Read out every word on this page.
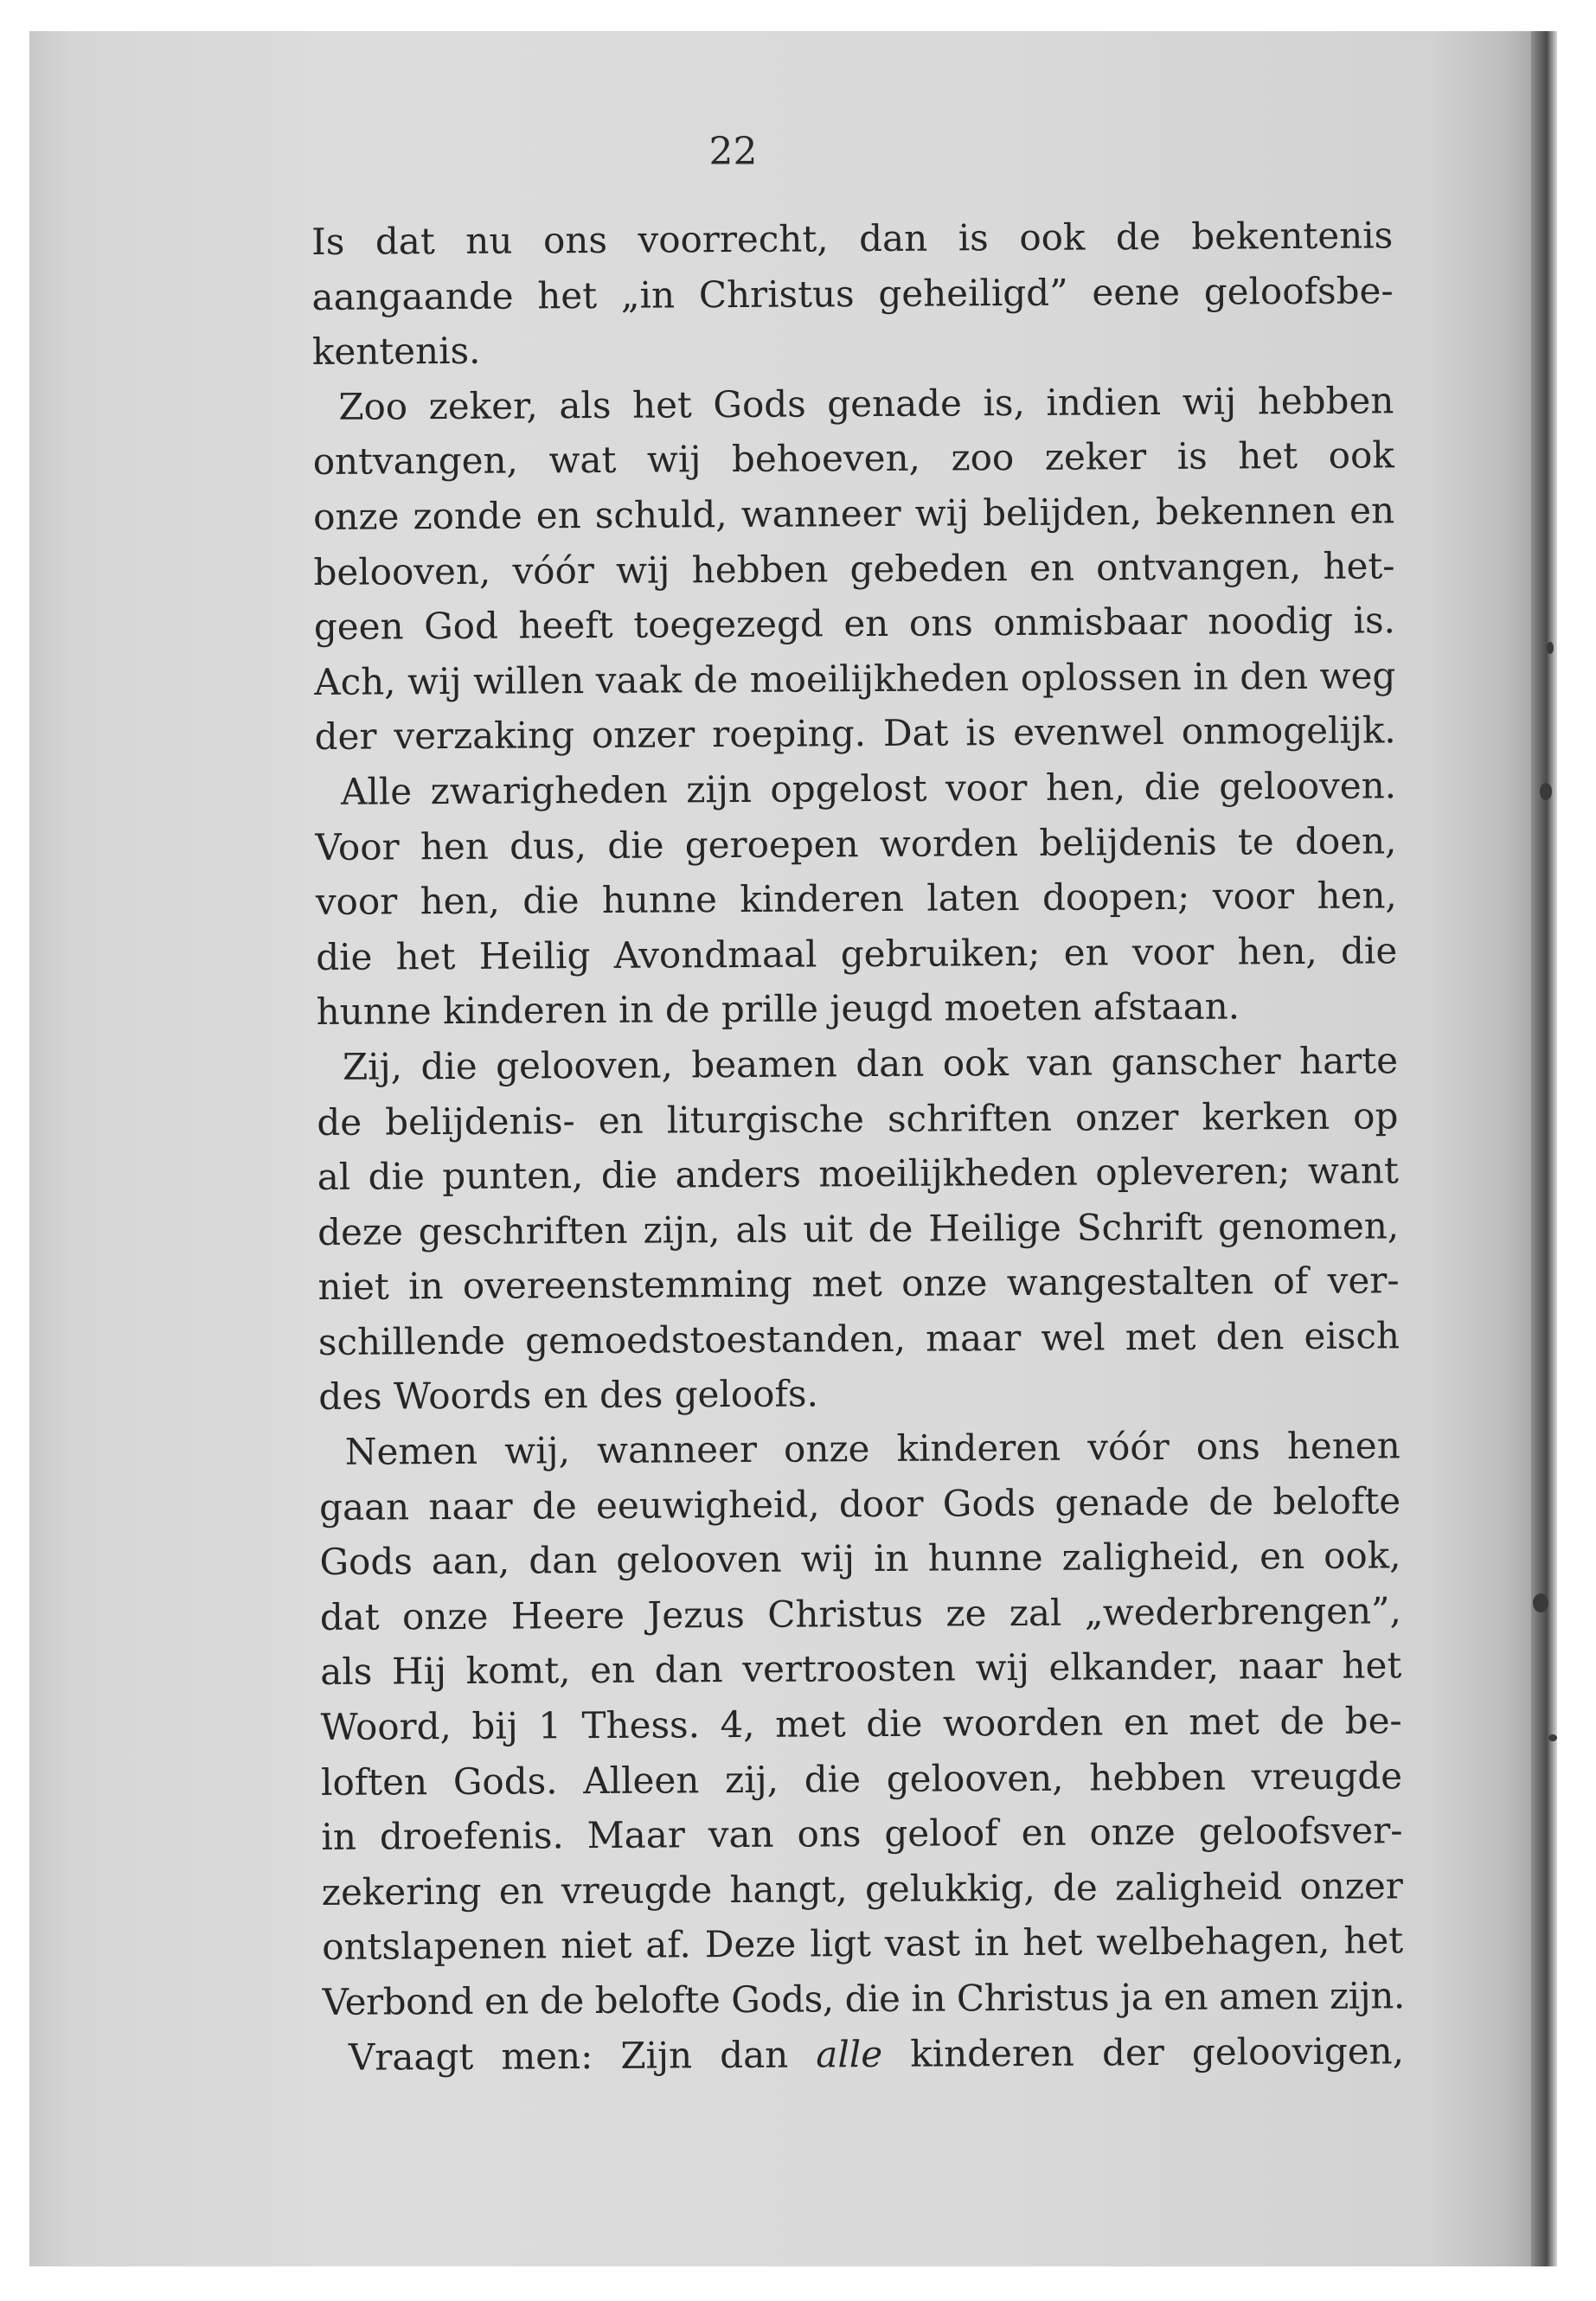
22
Is dat nu ons voorrecht, dan is ook de bekentenis
aangaande het „in Christus geheiligd” eene geloofsbe-
kentenis.
Zoo zeker, als het Gods genade is, indien wij hebben
ontvangen, wat wij behoeven, zoo zeker is het ook
onze zonde en schuld, wanneer wij belijden, bekennen en
belooven, vóór wij hebben gebeden en ontvangen, het-
geen God heeft toegezegd en ons onmisbaar noodig is.
Ach, wij willen vaak de moeilijkheden oplossen in den weg
der verzaking onzer roeping. Dat is evenwel onmogelijk.
Alle zwarigheden zijn opgelost voor hen, die gelooven.
Voor hen dus, die geroepen worden belijdenis te doen,
voor hen, die hunne kinderen laten doopen; voor hen,
die het Heilig Avondmaal gebruiken; en voor hen, die
hunne kinderen in de prille jeugd moeten afstaan.
Zij, die gelooven, beamen dan ook van ganscher harte
de belijdenis- en liturgische schriften onzer kerken op
al die punten, die anders moeilijkheden opleveren; want
deze geschriften zijn, als uit de Heilige Schrift genomen,
niet in overeenstemming met onze wangestalten of ver-
schillende gemoedstoestanden, maar wel met den eisch
des Woords en des geloofs.
Nemen wij, wanneer onze kinderen vóór ons henen
gaan naar de eeuwigheid, door Gods genade de belofte
Gods aan, dan gelooven wij in hunne zaligheid, en ook,
dat onze Heere Jezus Christus ze zal „wederbrengen”,
als Hij komt, en dan vertroosten wij elkander, naar het
Woord, bij 1 Thess. 4, met die woorden en met de be-
loften Gods. Alleen zij, die gelooven, hebben vreugde
in droefenis. Maar van ons geloof en onze geloofsver-
zekering en vreugde hangt, gelukkig, de zaligheid onzer
ontslapenen niet af. Deze ligt vast in het welbehagen, het
Verbond en de belofte Gods, die in Christus ja en amen zijn.
Vraagt men: Zijn dan alle kinderen der geloovigen,
